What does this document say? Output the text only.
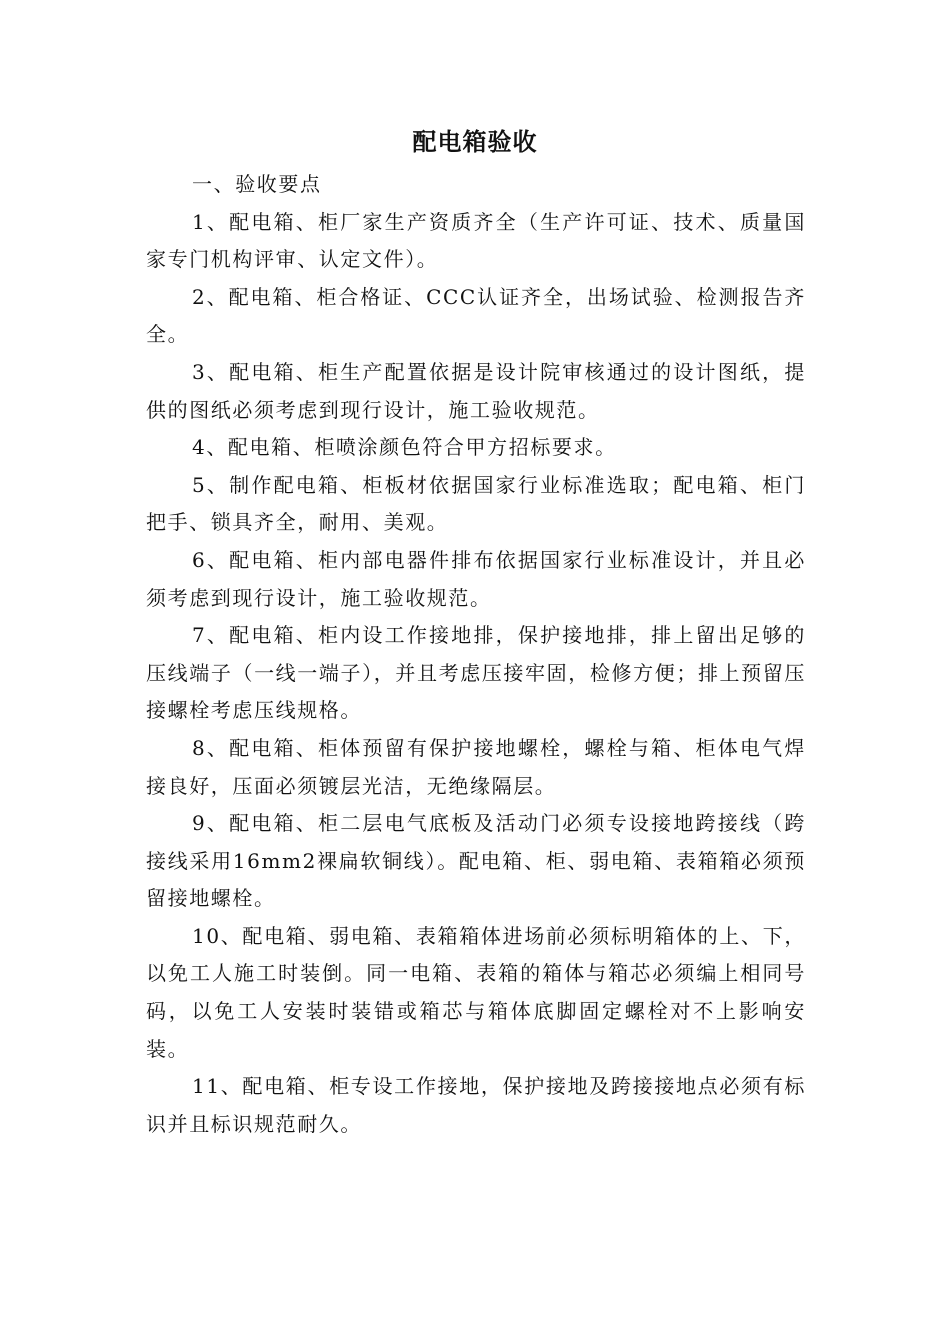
配电箱验收

一、验收要点

1、配电箱、柜厂家生产资质齐全（生产许可证、技术、质量国家专门机构评审、认定文件）。

2、配电箱、柜合格证、CCC认证齐全，出场试验、检测报告齐全。

3、配电箱、柜生产配置依据是设计院审核通过的设计图纸，提供的图纸必须考虑到现行设计，施工验收规范。

4、配电箱、柜喷涂颜色符合甲方招标要求。

5、制作配电箱、柜板材依据国家行业标准选取；配电箱、柜门把手、锁具齐全，耐用、美观。

6、配电箱、柜内部电器件排布依据国家行业标准设计，并且必须考虑到现行设计，施工验收规范。

7、配电箱、柜内设工作接地排，保护接地排，排上留出足够的压线端子（一线一端子），并且考虑压接牢固，检修方便；排上预留压接螺栓考虑压线规格。

8、配电箱、柜体预留有保护接地螺栓，螺栓与箱、柜体电气焊接良好，压面必须镀层光洁，无绝缘隔层。

9、配电箱、柜二层电气底板及活动门必须专设接地跨接线（跨接线采用16mm2裸扁软铜线）。配电箱、柜、弱电箱、表箱箱必须预留接地螺栓。

10、配电箱、弱电箱、表箱箱体进场前必须标明箱体的上、下，以免工人施工时装倒。同一电箱、表箱的箱体与箱芯必须编上相同号码，以免工人安装时装错或箱芯与箱体底脚固定螺栓对不上影响安装。

11、配电箱、柜专设工作接地，保护接地及跨接接地点必须有标识并且标识规范耐久。
